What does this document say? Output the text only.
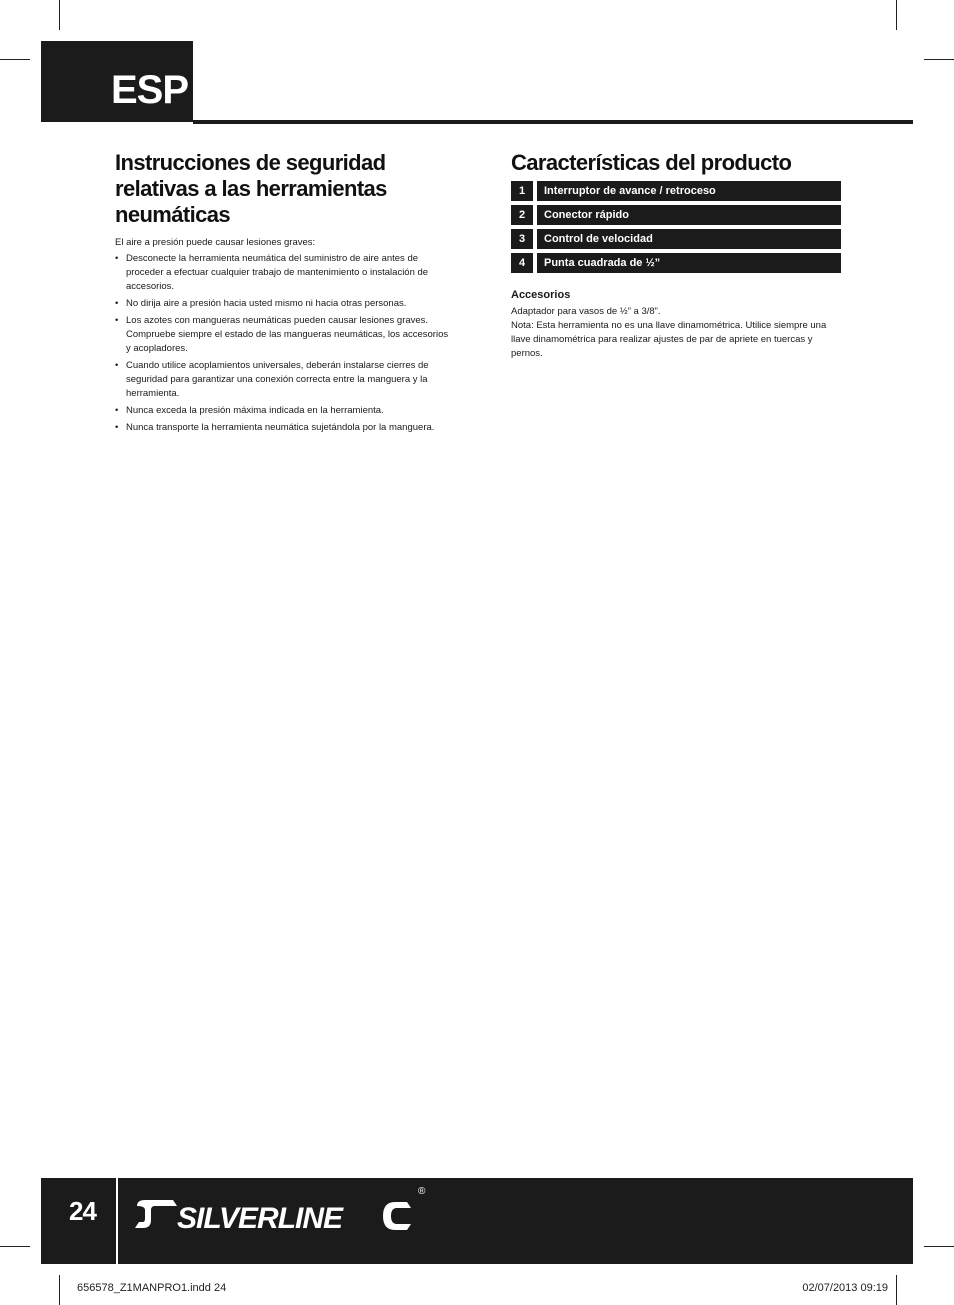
ESP
Instrucciones de seguridad relativas a las herramientas neumáticas

El aire a presión puede causar lesiones graves:

• Desconecte la herramienta neumática del suministro de aire antes de proceder a efectuar cualquier trabajo de mantenimiento o instalación de accesorios.
• No dirija aire a presión hacia usted mismo ni hacia otras personas.
• Los azotes con mangueras neumáticas pueden causar lesiones graves. Compruebe siempre el estado de las mangueras neumáticas, los accesorios y acopladores.
• Cuando utilice acoplamientos universales, deberán instalarse cierres de seguridad para garantizar una conexión correcta entre la manguera y la herramienta.
• Nunca exceda la presión máxima indicada en la herramienta.
• Nunca transporte la herramienta neumática sujetándola por la manguera.
Características del producto
1	Interruptor de avance / retroceso
2	Conector rápido
3	Control de velocidad
4	Punta cuadrada de ½”
Accesorios

Adaptador para vasos de ½” a 3/8”.

Nota: Esta herramienta no es una llave dinamométrica. Utilice siempre una llave dinamométrica para realizar ajustes de par de apriete en tuercas y pernos.

24	SILVERLINE
®
656578_Z1MANPRO1.indd 24	02/07/2013 09:19
